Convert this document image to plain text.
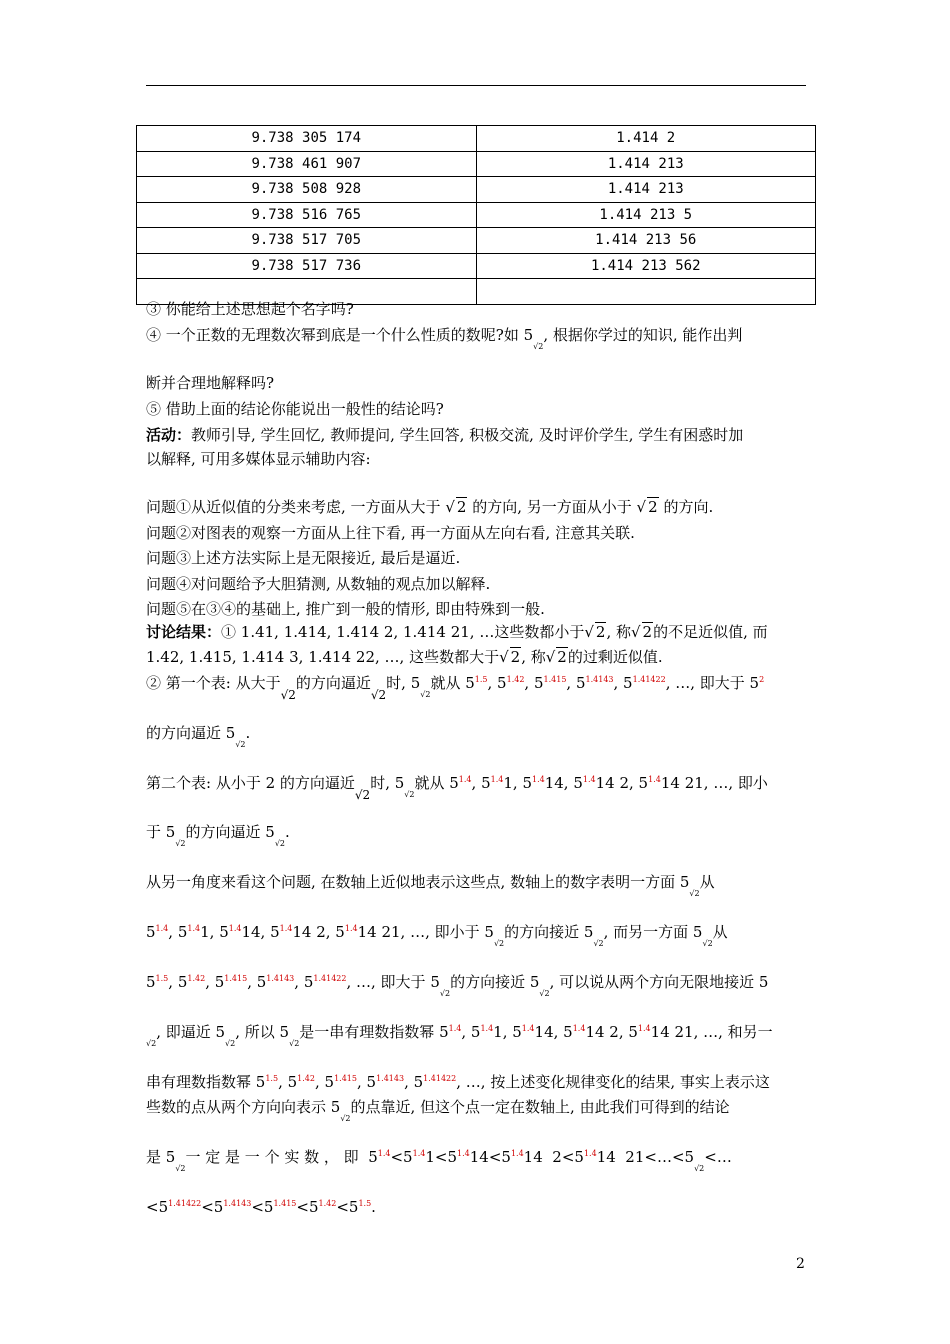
9.738 305 174	1.414 2
9.738 461 907	1.414 213
9.738 508 928	1.414 213
9.738 516 765	1.414 213 5
9.738 517 705	1.414 213 56
9.738 517 736	1.414 213 562

③ 你能给上述思想起个名字吗?
④ 一个正数的无理数次幂到底是一个什么性质的数呢?如 5√2, 根据你学过的知识, 能作出判
断并合理地解释吗?
⑤ 借助上面的结论你能说出一般性的结论吗?
活动：教师引导, 学生回忆, 教师提问, 学生回答, 积极交流, 及时评价学生, 学生有困惑时加
以解释, 可用多媒体显示辅助内容:
问题①从近似值的分类来考虑, 一方面从大于 √ 2 的方向, 另一方面从小于 √ 2 的方向.
问题②对图表的观察一方面从上往下看, 再一方面从左向右看, 注意其关联.
问题③上述方法实际上是无限接近, 最后是逼近.
问题④对问题给予大胆猜测, 从数轴的观点加以解释.
问题⑤在③④的基础上, 推广到一般的情形, 即由特殊到一般.
讨论结果：① 1.41, 1.414, 1.414 2, 1.414 21, …这些数都小于√ 2, 称√ 2的不足近似值, 而
1.42, 1.415, 1.414 3, 1.414 22, …, 这些数都大于√ 2, 称√ 2的过剩近似值.
② 第一个表: 从大于√2的方向逼近√2时, 5√2就从 $5^{1.5}$, $5^{1.42}$, $5^{1.415}$, $5^{1.4143}$, $5^{1.41422}$, …, 即大于 $5^2$
的方向逼近 5√2.
第二个表: 从小于 2 的方向逼近√2时, 5√2就从 $5^{1.4}$, $5^{1.4}1$, $5^{1.4}14$, $5^{1.4}14$ 2, $5^{1.4}14$ 21, …, 即小
于 5√2的方向逼近 5√2.
从另一角度来看这个问题, 在数轴上近似地表示这些点, 数轴上的数字表明一方面 5√2从
$5^{1.4}$, $5^{1.4}1$, $5^{1.4}14$, $5^{1.4}14$ 2, $5^{1.4}14$ 21, …, 即小于 5√2的方向接近 5√2, 而另一方面 5√2从
$5^{1.5}$, $5^{1.42}$, $5^{1.415}$, $5^{1.4143}$, $5^{1.41422}$, …, 即大于 5√2的方向接近 5√2, 可以说从两个方向无限地接近 5
√2, 即逼近 5√2, 所以 5√2是一串有理数指数幂 $5^{1.4}$, $5^{1.4}1$, $5^{1.4}14$, $5^{1.4}14$ 2, $5^{1.4}14$ 21, …, 和另一
串有理数指数幂 $5^{1.5}$, $5^{1.42}$, $5^{1.415}$, $5^{1.4143}$, $5^{1.41422}$, …, 按上述变化规律变化的结果, 事实上表示这
些数的点从两个方向向表示 5√2的点靠近, 但这个点一定在数轴上, 由此我们可得到的结论
是 5√2一 定 是 一 个 实 数 ， 即  $5^{1.4}<5^{1.4}1<5^{1.4}14<5^{1.4}14$  $2<5^{1.4}14$  21<…<5√2<…
$<5^{1.41422}<5^{1.4143}<5^{1.415}<5^{1.42}<5^{1.5}$.
2
